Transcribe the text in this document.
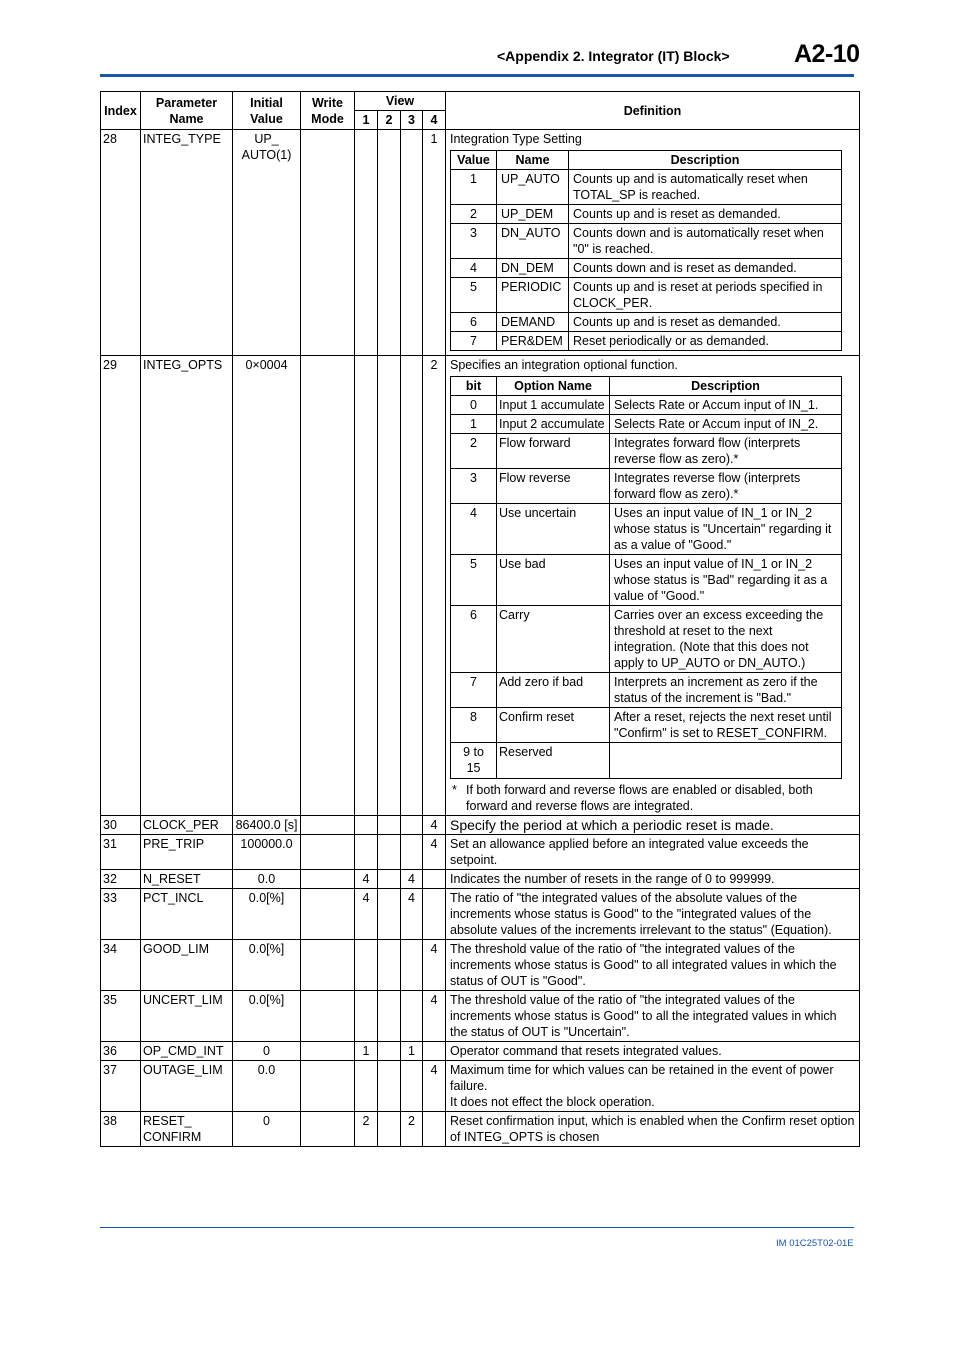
<Appendix 2. Integrator (IT) Block>	A2-10
Index	Parameter Name	Initial Value	Write Mode	View	Definition
1	2	3	4
28	INTEG_TYPE	UP_ AUTO(1)					1	Integration Type Setting
Value	Name	Description
1	UP_AUTO	Counts up and is automatically reset when TOTAL_SP is reached.
2	UP_DEM	Counts up and is reset as demanded.
3	DN_AUTO	Counts down and is automatically reset when "0" is reached.
4	DN_DEM	Counts down and is reset as demanded.
5	PERIODIC	Counts up and is reset at periods specified in CLOCK_PER.
6	DEMAND	Counts up and is reset as demanded.
7	PER&DEM	Reset periodically or as demanded.

29	INTEG_OPTS	0×0004					2	Specifies an integration optional function.
bit	Option Name	Description
0	Input 1 accumulate	Selects Rate or Accum input of IN_1.
1	Input 2 accumulate	Selects Rate or Accum input of IN_2.
2	Flow forward	Integrates forward flow (interprets reverse flow as zero).*
3	Flow reverse	Integrates reverse flow (interprets forward flow as zero).*
4	Use uncertain	Uses an input value of IN_1 or IN_2 whose status is "Uncertain" regarding it as a value of "Good."
5	Use bad	Uses an input value of IN_1 or IN_2 whose status is "Bad" regarding it as a value of "Good."
6	Carry	Carries over an excess exceeding the threshold at reset to the next integration. (Note that this does not apply to UP_AUTO or DN_AUTO.)
7	Add zero if bad	Interprets an increment as zero if the status of the increment is "Bad."
8	Confirm reset	After a reset, rejects the next reset until "Confirm" is set to RESET_CONFIRM.
9 to 15	Reserved	
* If both forward and reverse flows are enabled or disabled, both forward and reverse flows are integrated.

30	CLOCK_PER	86400.0 [s]					4	Specify the period at which a periodic reset is made.
31	PRE_TRIP	100000.0					4	Set an allowance applied before an integrated value exceeds the setpoint.
32	N_RESET	0.0		4		4		Indicates the number of resets in the range of 0 to 999999.
33	PCT_INCL	0.0[%]		4		4		The ratio of "the integrated values of the absolute values of the increments whose status is Good" to the "integrated values of the absolute values of the increments irrelevant to the status" (Equation).
34	GOOD_LIM	0.0[%]					4	The threshold value of the ratio of "the integrated values of the increments whose status is Good" to all integrated values in which the status of OUT is "Good".
35	UNCERT_LIM	0.0[%]					4	The threshold value of the ratio of "the integrated values of the increments whose status is Good" to all the integrated values in which the status of OUT is "Uncertain".
36	OP_CMD_INT	0		1		1		Operator command that resets integrated values.
37	OUTAGE_LIM	0.0					4	Maximum time for which values can be retained in the event of power failure.
It does not effect the block operation.

38	RESET_ CONFIRM	0		2		2		Reset confirmation input, which is enabled when the Confirm reset option of INTEG_OPTS is chosen
IM 01C25T02-01E
